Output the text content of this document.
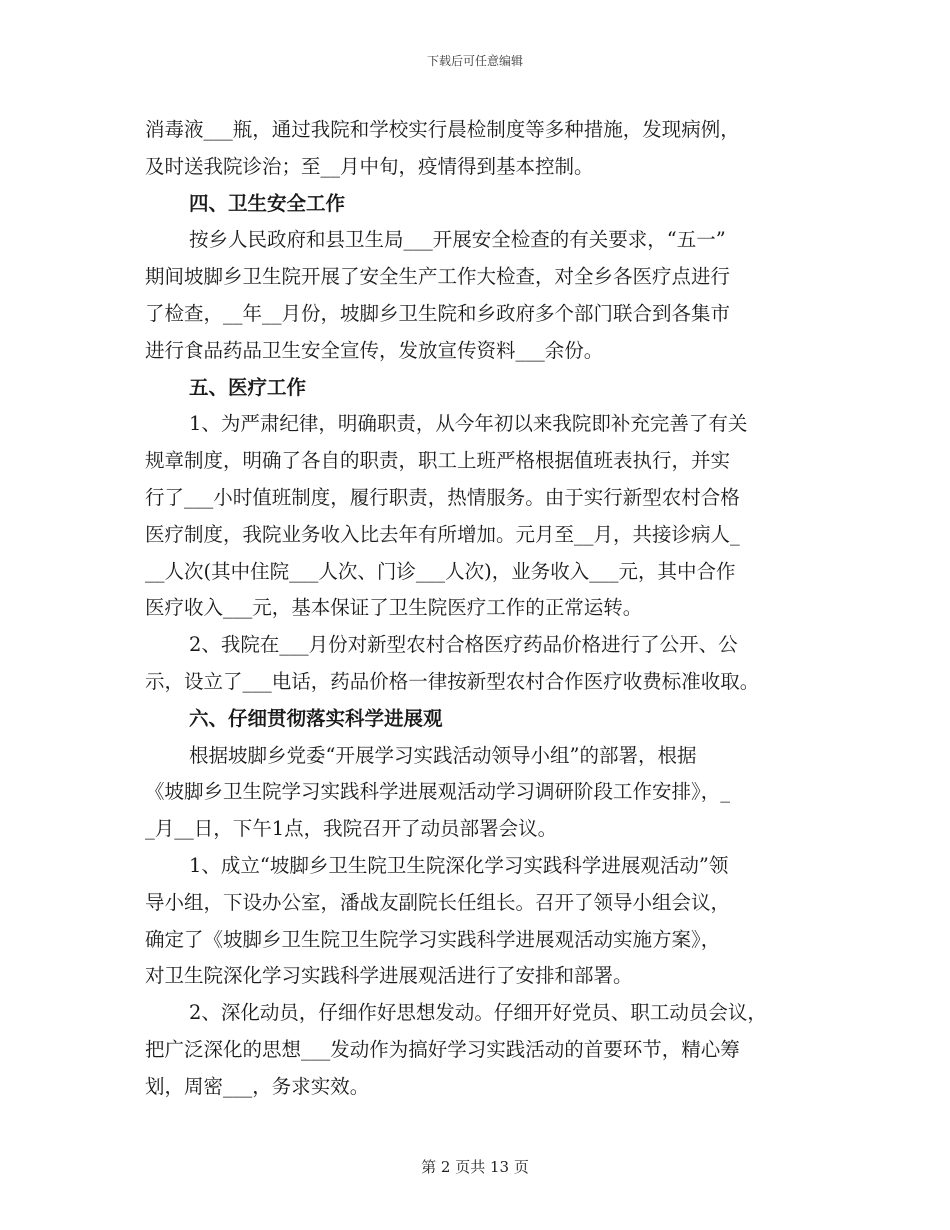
下载后可任意编辑
消毒液___瓶，通过我院和学校实行晨检制度等多种措施，发现病例，
及时送我院诊治；至__月中旬，疫情得到基本控制。
四、卫生安全工作
按乡人民政府和县卫生局___开展安全检查的有关要求，“五一”
期间坡脚乡卫生院开展了安全生产工作大检查，对全乡各医疗点进行
了检查，__年__月份，坡脚乡卫生院和乡政府多个部门联合到各集市
进行食品药品卫生安全宣传，发放宣传资料___余份。
五、医疗工作
1、为严肃纪律，明确职责，从今年初以来我院即补充完善了有关
规章制度，明确了各自的职责，职工上班严格根据值班表执行，并实
行了___小时值班制度，履行职责，热情服务。由于实行新型农村合格
医疗制度，我院业务收入比去年有所增加。元月至__月，共接诊病人_
__人次(其中住院___人次、门诊___人次)，业务收入___元，其中合作
医疗收入___元，基本保证了卫生院医疗工作的正常运转。
2、我院在___月份对新型农村合格医疗药品价格进行了公开、公
示，设立了___电话，药品价格一律按新型农村合作医疗收费标准收取。
六、仔细贯彻落实科学进展观
根据坡脚乡党委“开展学习实践活动领导小组”的部署，根据
《坡脚乡卫生院学习实践科学进展观活动学习调研阶段工作安排》，_
_月__日，下午1点，我院召开了动员部署会议。
1、成立“坡脚乡卫生院卫生院深化学习实践科学进展观活动”领
导小组，下设办公室，潘战友副院长任组长。召开了领导小组会议，
确定了《坡脚乡卫生院卫生院学习实践科学进展观活动实施方案》，
对卫生院深化学习实践科学进展观活进行了安排和部署。
2、深化动员，仔细作好思想发动。仔细开好党员、职工动员会议，
把广泛深化的思想___发动作为搞好学习实践活动的首要环节，精心筹
划，周密___，务求实效。
第 2 页共 13 页
